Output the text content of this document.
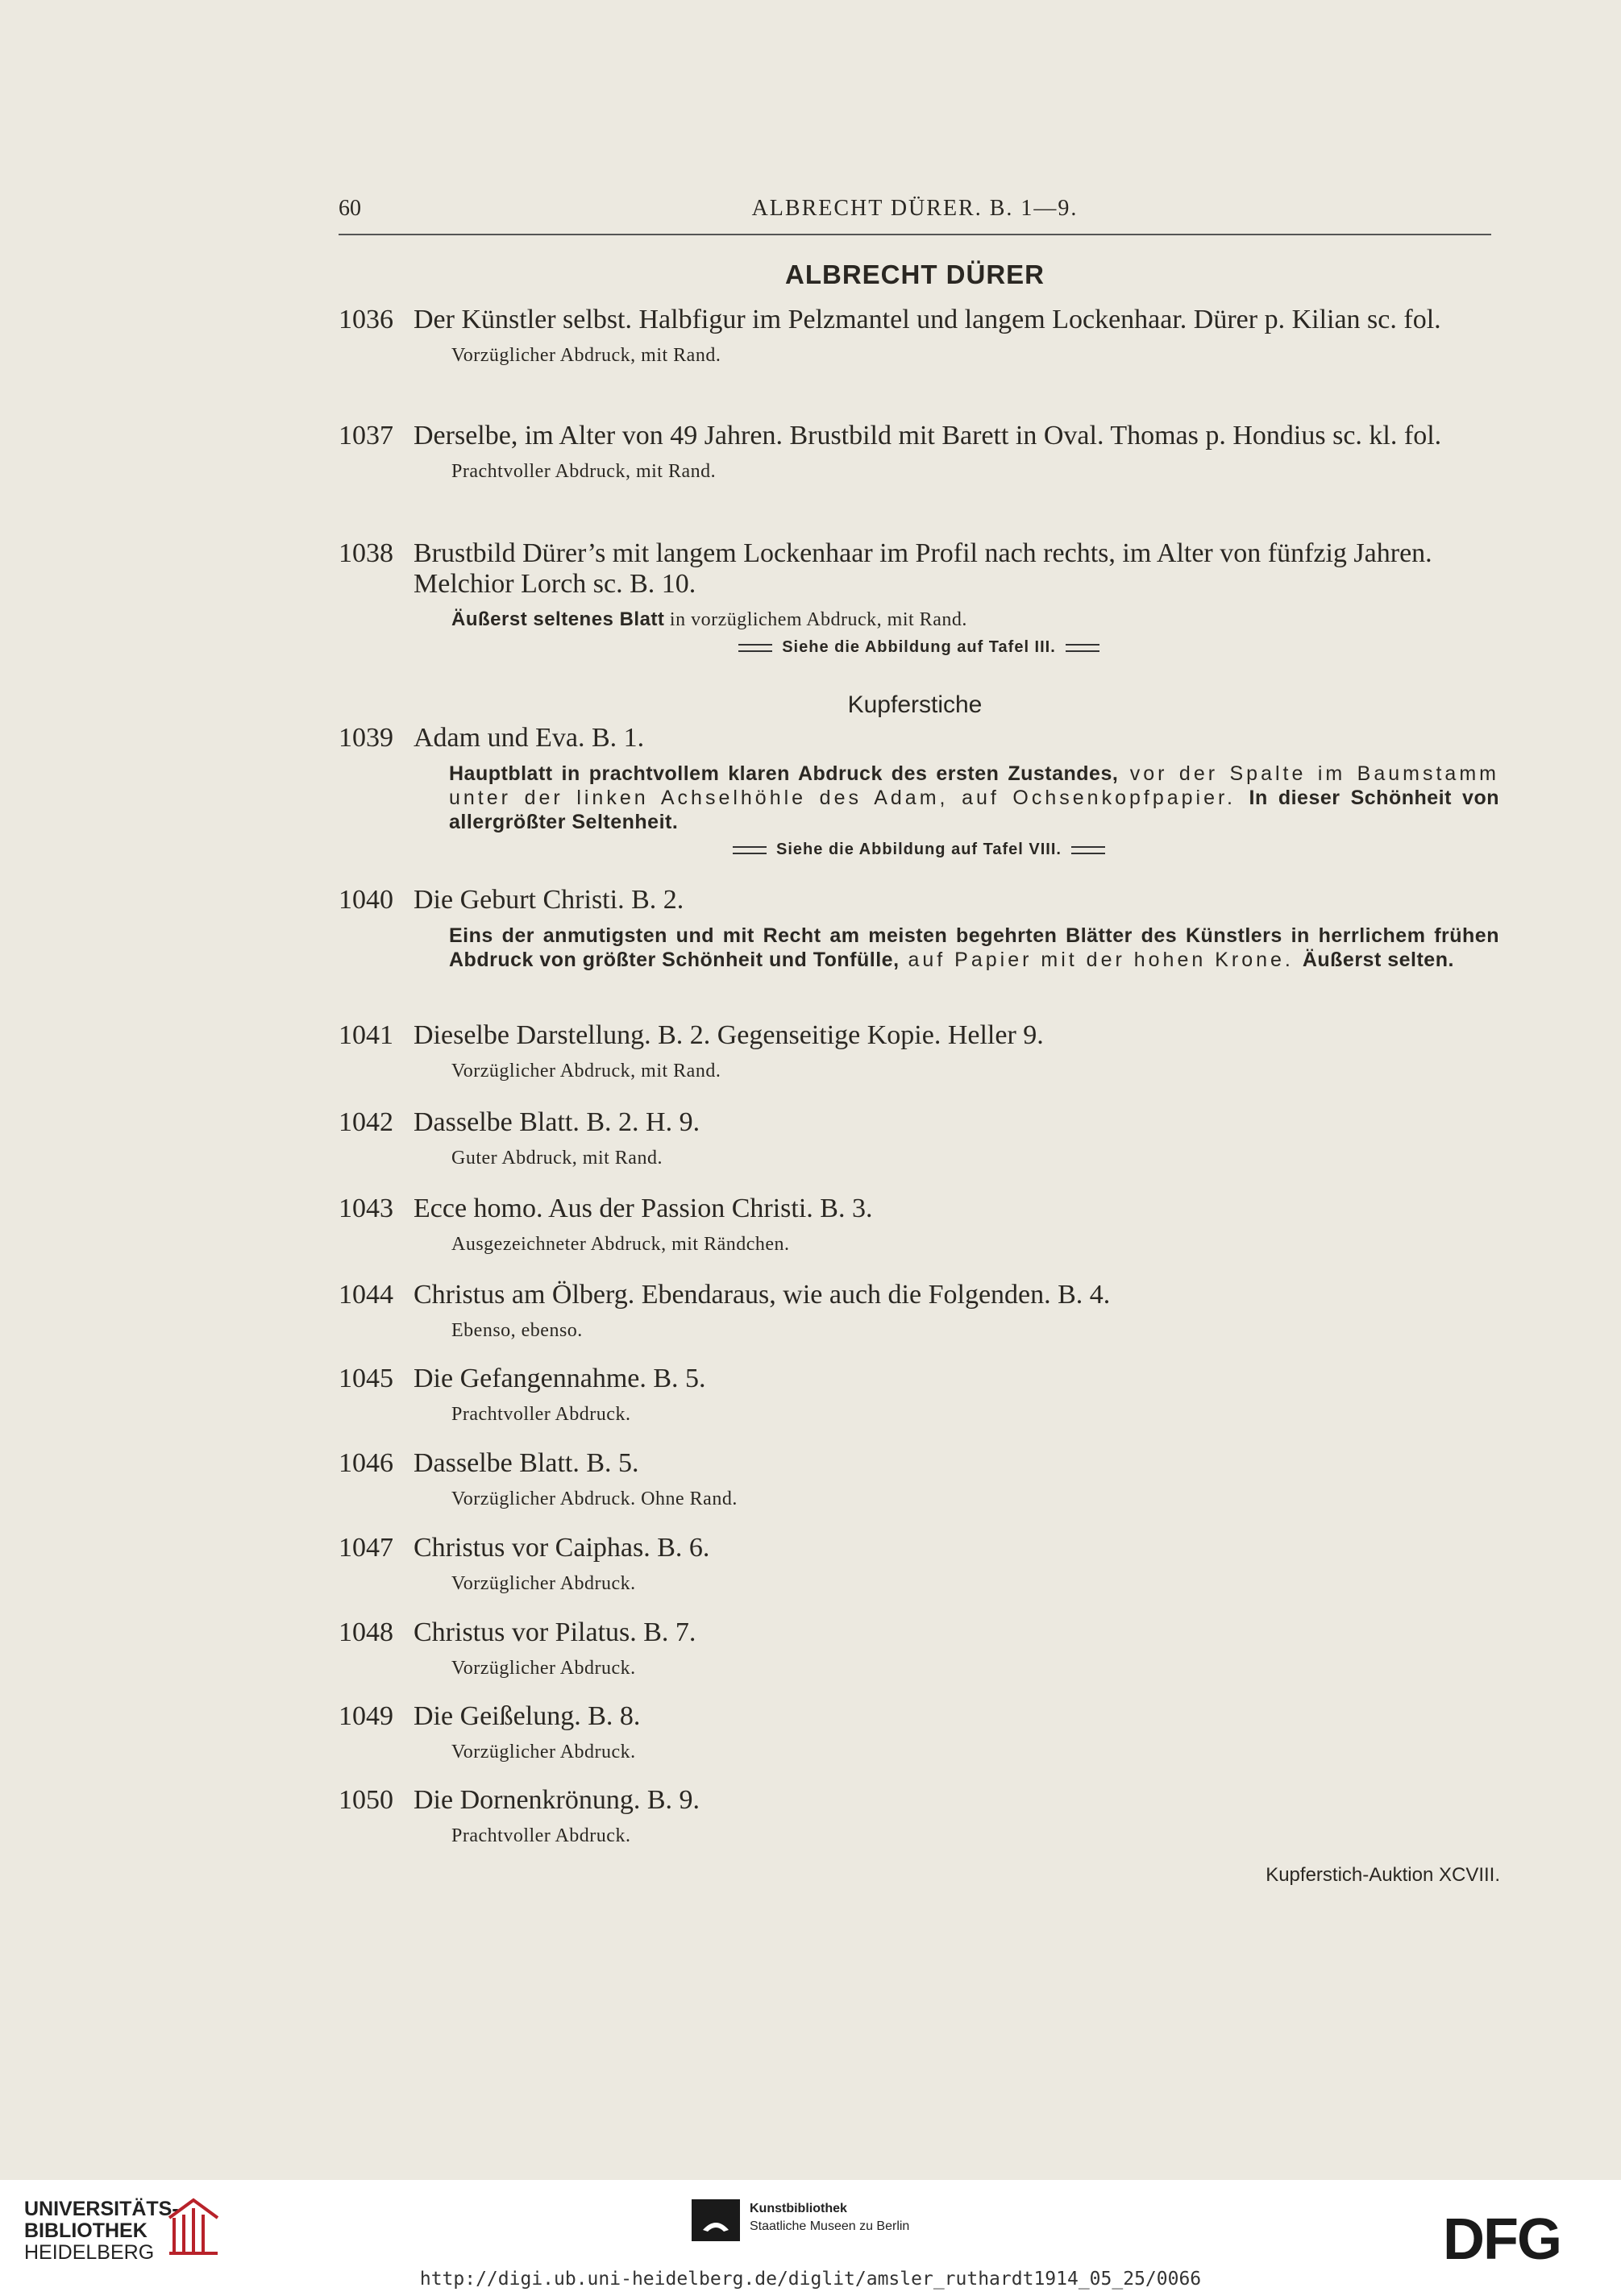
60	ALBRECHT DÜRER. B. 1—9.
ALBRECHT DÜRER
1036 Der Künstler selbst. Halbfigur im Pelzmantel und langem Lockenhaar. Dürer p. Kilian sc. fol.
Vorzüglicher Abdruck, mit Rand.
1037 Derselbe, im Alter von 49 Jahren. Brustbild mit Barett in Oval. Thomas p. Hondius sc. kl. fol.
Prachtvoller Abdruck, mit Rand.
1038 Brustbild Dürer’s mit langem Lockenhaar im Profil nach rechts, im Alter von fünfzig Jahren. Melchior Lorch sc. B. 10.
Äußerst seltenes Blatt in vorzüglichem Abdruck, mit Rand.
Siehe die Abbildung auf Tafel III.
Kupferstiche
1039 Adam und Eva. B. 1.
Hauptblatt in prachtvollem klaren Abdruck des ersten Zustandes, vor der Spalte im Baumstamm unter der linken Achselhöhle des Adam, auf Ochsenkopfpapier. In dieser Schönheit von allergrößter Seltenheit.
Siehe die Abbildung auf Tafel VIII.
1040 Die Geburt Christi. B. 2.
Eins der anmutigsten und mit Recht am meisten begehrten Blätter des Künstlers in herrlichem frühen Abdruck von größter Schönheit und Tonfülle, auf Papier mit der hohen Krone. Äußerst selten.
1041 Dieselbe Darstellung. B. 2. Gegenseitige Kopie. Heller 9.
Vorzüglicher Abdruck, mit Rand.
1042 Dasselbe Blatt. B. 2. H. 9.
Guter Abdruck, mit Rand.
1043 Ecce homo. Aus der Passion Christi. B. 3.
Ausgezeichneter Abdruck, mit Rändchen.
1044 Christus am Ölberg. Ebendaraus, wie auch die Folgenden. B. 4.
Ebenso, ebenso.
1045 Die Gefangennahme. B. 5.
Prachtvoller Abdruck.
1046 Dasselbe Blatt. B. 5.
Vorzüglicher Abdruck. Ohne Rand.
1047 Christus vor Caiphas. B. 6.
Vorzüglicher Abdruck.
1048 Christus vor Pilatus. B. 7.
Vorzüglicher Abdruck.
1049 Die Geißelung. B. 8.
Vorzüglicher Abdruck.
1050 Die Dornenkrönung. B. 9.
Prachtvoller Abdruck.
Kupferstich-Auktion XCVIII.
UNIVERSITÄTS-
BIBLIOTHEK
HEIDELBERG
Kunstbibliothek
Staatliche Museen zu Berlin	DFG
http://digi.ub.uni-heidelberg.de/diglit/amsler_ruthardt1914_05_25/0066
